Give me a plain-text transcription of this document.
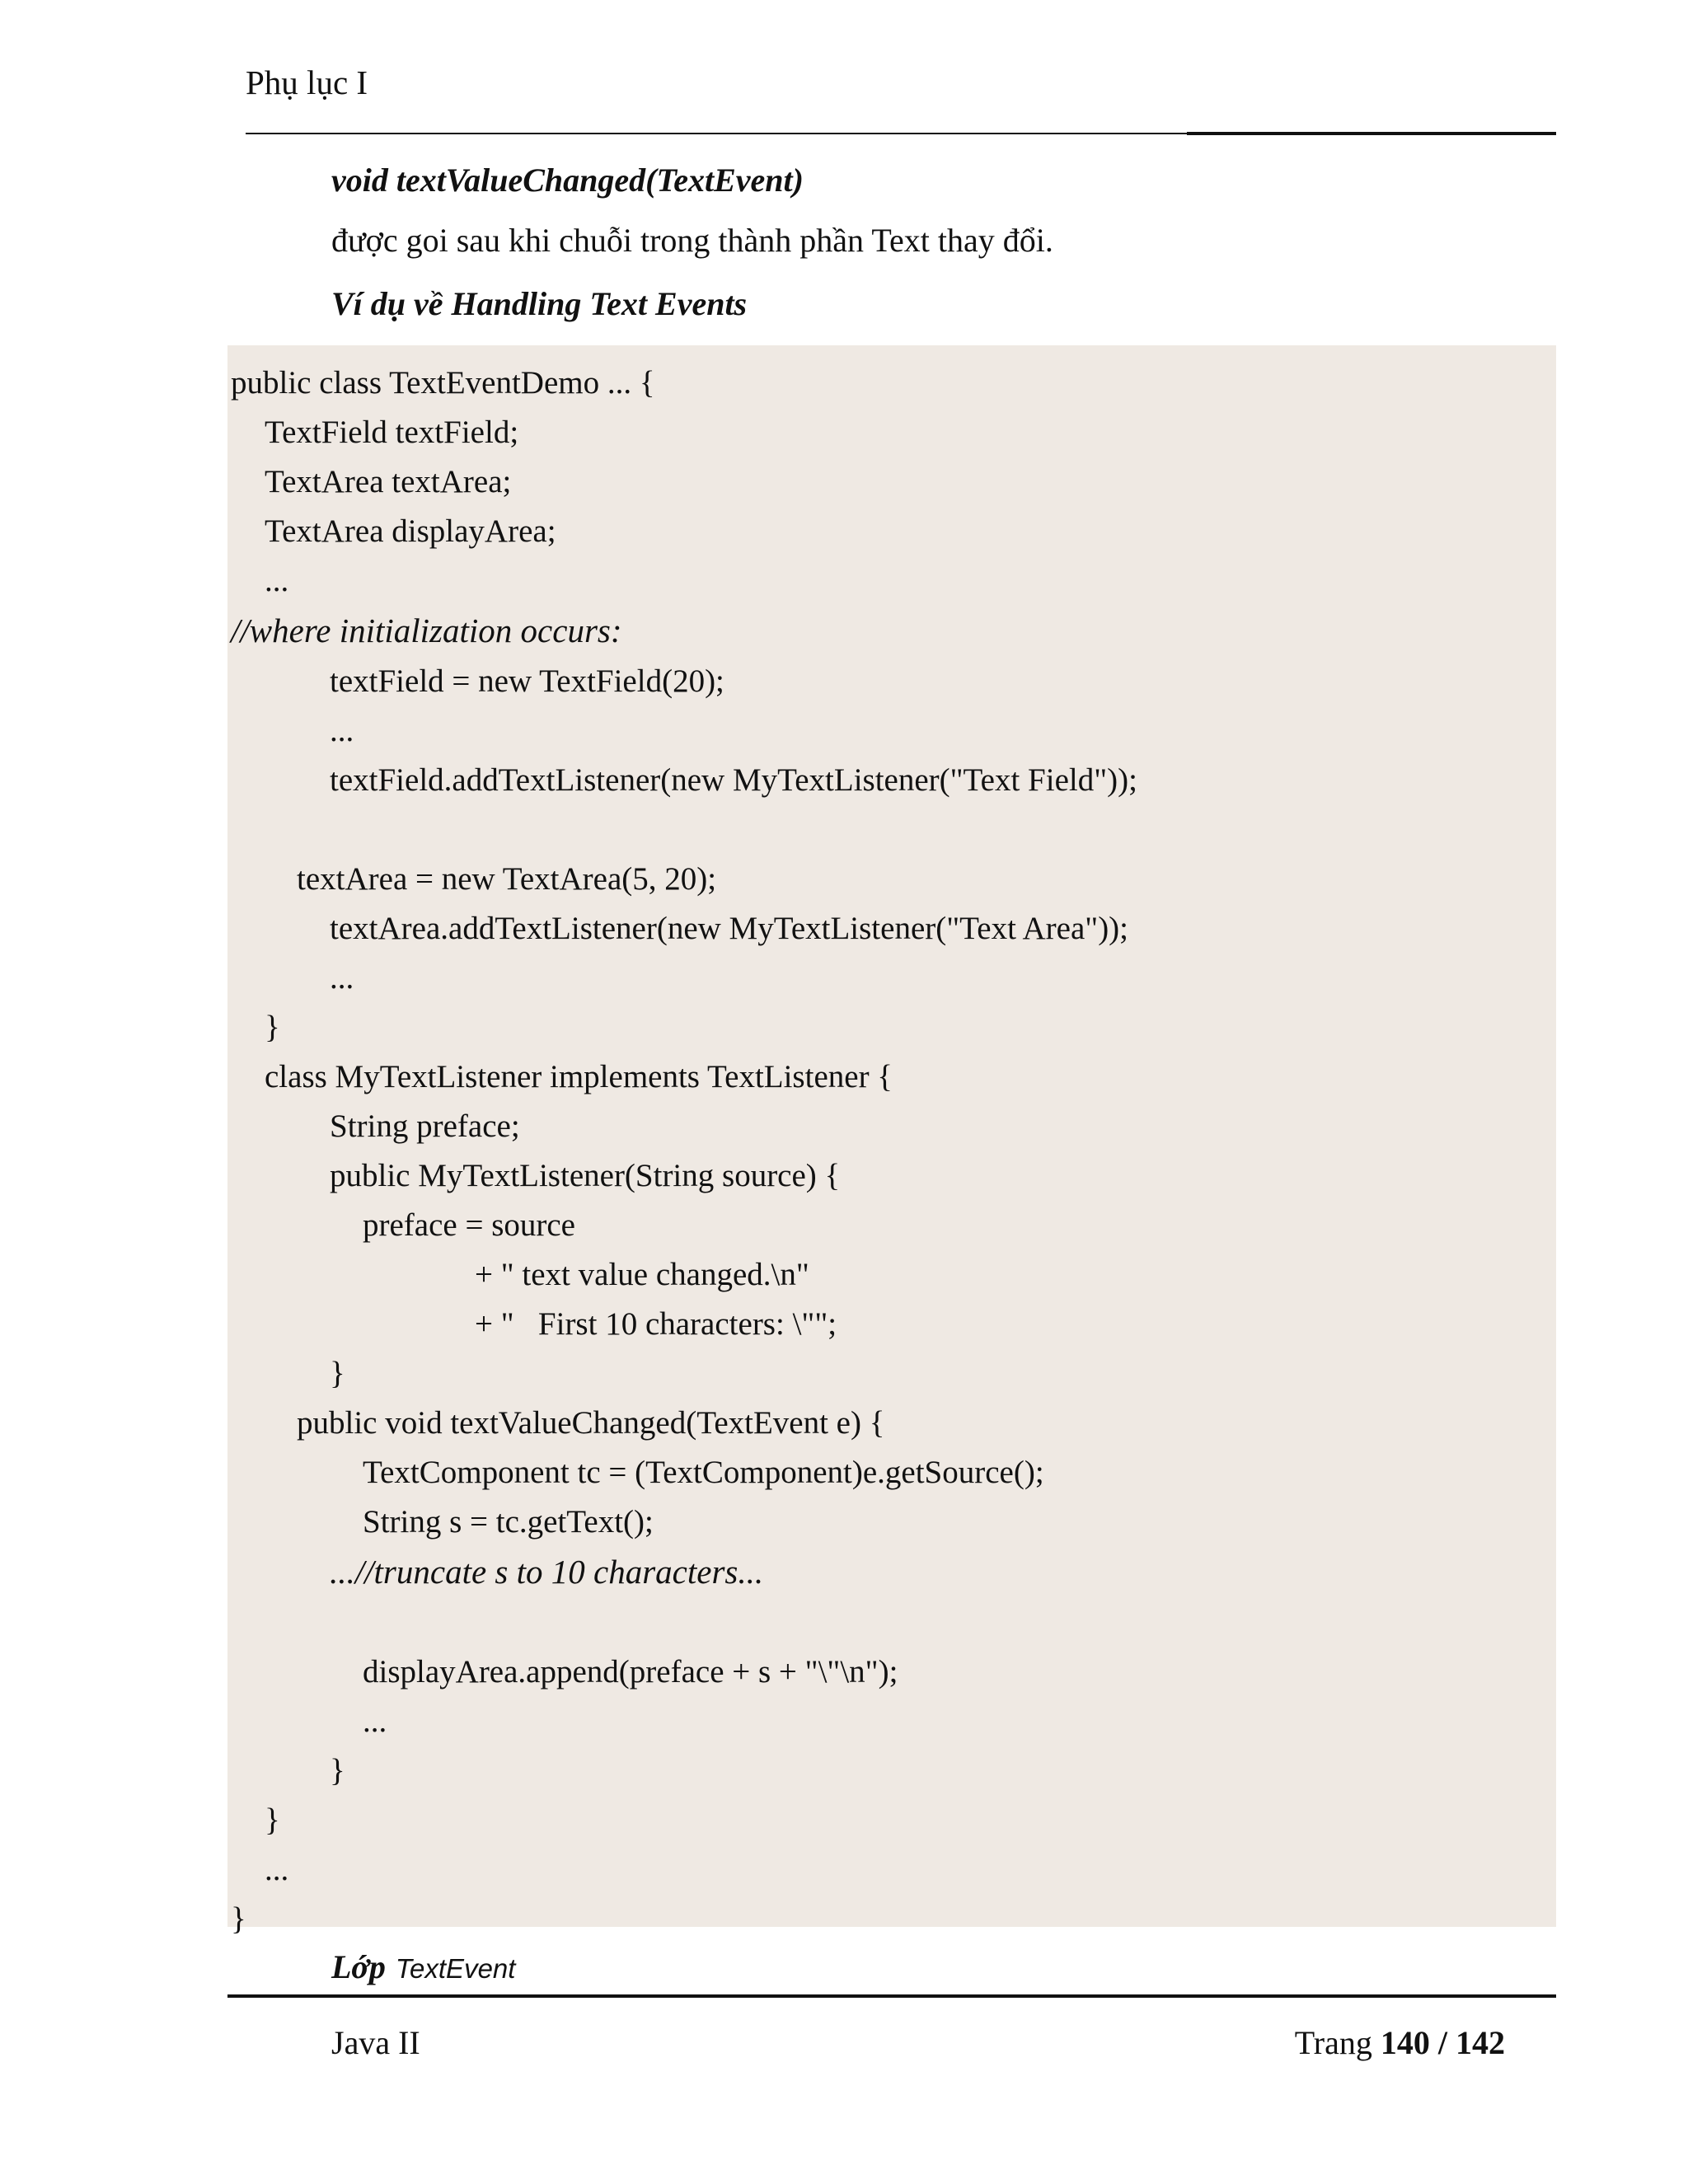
Phụ lục I
void textValueChanged(TextEvent)
được goi sau khi chuỗi trong thành phần Text thay đổi.
Ví dụ về Handling Text Events
public class TextEventDemo ... {
TextField textField;
TextArea textArea;
TextArea displayArea;
...
//where initialization occurs:
textField = new TextField(20);
...
textField.addTextListener(new MyTextListener("Text Field"));
textArea = new TextArea(5, 20);
textArea.addTextListener(new MyTextListener("Text Area"));
...
}
class MyTextListener implements TextListener {
String preface;
public MyTextListener(String source) {
preface = source
+ " text value changed.\n"
+ "   First 10 characters: \"";
}
public void textValueChanged(TextEvent e) {
TextComponent tc = (TextComponent)e.getSource();
String s = tc.getText();
...//truncate s to 10 characters...
displayArea.append(preface + s + "\"\n");
...
}
}
...
}
Lớp TextEvent
Java II	Trang 140 / 142
